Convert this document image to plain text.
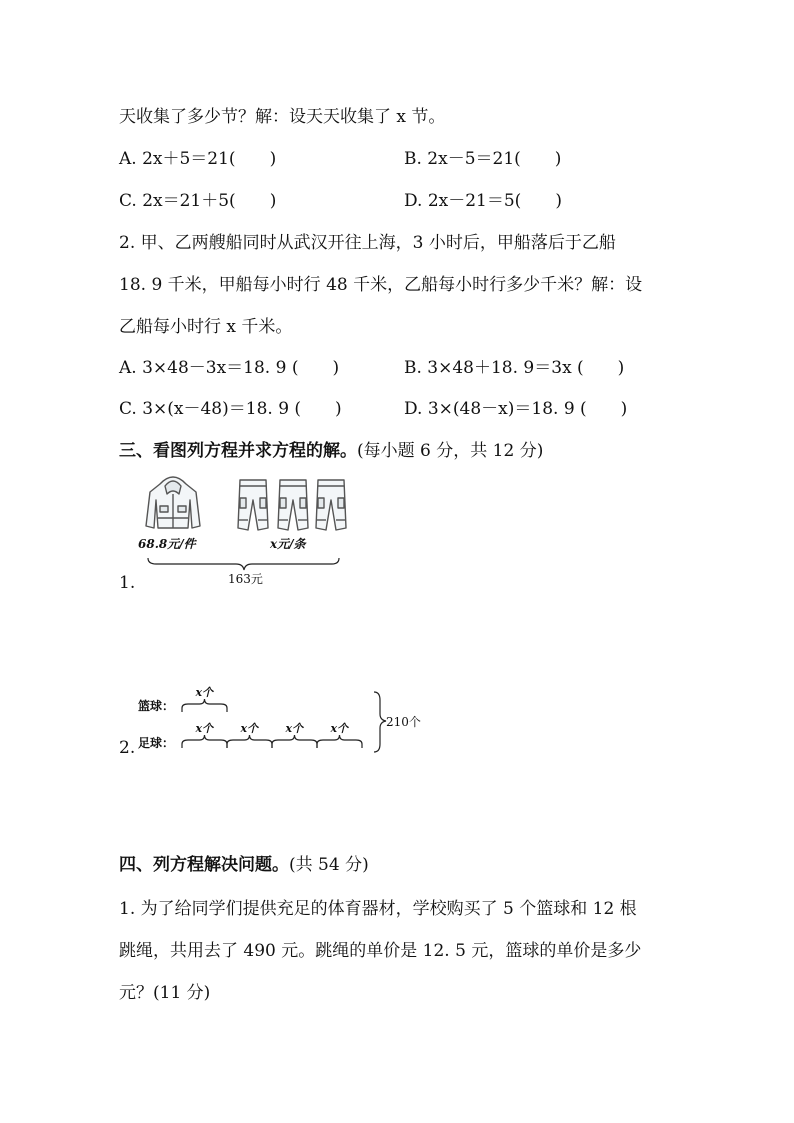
天收集了多少节？解：设天天收集了 x 节。
A. 2x＋5＝21(　　)	B. 2x－5＝21(　　)
C. 2x＝21＋5(　　)	D. 2x－21＝5(　　)
2. 甲、乙两艘船同时从武汉开往上海，3 小时后，甲船落后于乙船
18. 9 千米，甲船每小时行 48 千米，乙船每小时行多少千米？解：设
乙船每小时行 x 千米。
A. 3×48－3x＝18. 9 (　　)	B. 3×48＋18. 9＝3x (　　)
C. 3×(x－48)＝18. 9 (　　)	D. 3×(48－x)＝18. 9 (　　)
三、看图列方程并求方程的解。(每小题 6 分，共 12 分)
1.
68.8元/件	x元/条
163元
2.
篮球：
足球：
x个
x个 x个 x个 x个	210个
四、列方程解决问题。(共 54 分)
1. 为了给同学们提供充足的体育器材，学校购买了 5 个篮球和 12 根
跳绳，共用去了 490 元。跳绳的单价是 12. 5 元，篮球的单价是多少
元？(11 分)
